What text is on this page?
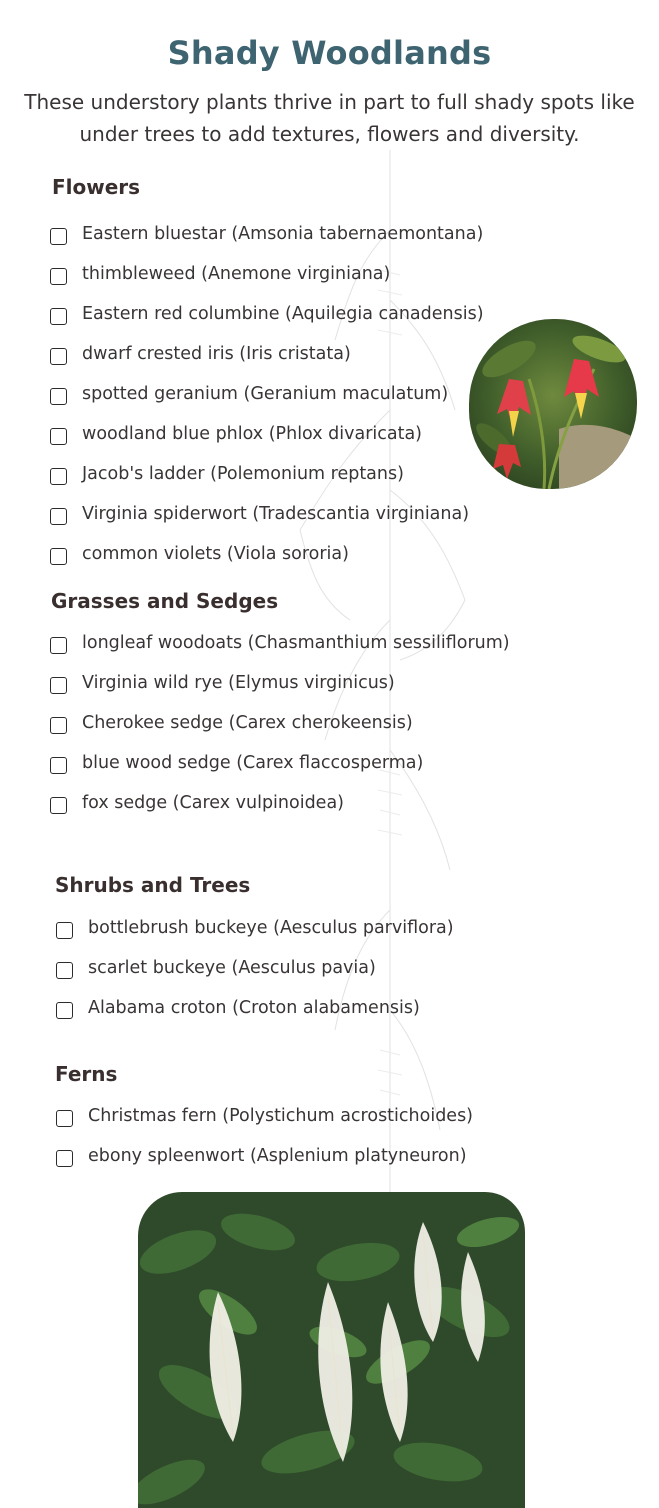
Shady Woodlands
These understory plants thrive in part to full shady spots like under trees to add textures, flowers and diversity.
Flowers
Eastern bluestar (Amsonia tabernaemontana)
thimbleweed (Anemone virginiana)
Eastern red columbine (Aquilegia canadensis)
dwarf crested iris (Iris cristata)
spotted geranium (Geranium maculatum)
woodland blue phlox (Phlox divaricata)
Jacob's ladder (Polemonium reptans)
Virginia spiderwort (Tradescantia virginiana)
common violets (Viola sororia)
Grasses and Sedges
longleaf woodoats (Chasmanthium sessiliflorum)
Virginia wild rye (Elymus virginicus)
Cherokee sedge (Carex cherokeensis)
blue wood sedge (Carex flaccosperma)
fox sedge (Carex vulpinoidea)
Shrubs and Trees
bottlebrush buckeye (Aesculus parviflora)
scarlet buckeye (Aesculus pavia)
Alabama croton (Croton alabamensis)
Ferns
Christmas fern (Polystichum acrostichoides)
ebony spleenwort (Asplenium platyneuron)
